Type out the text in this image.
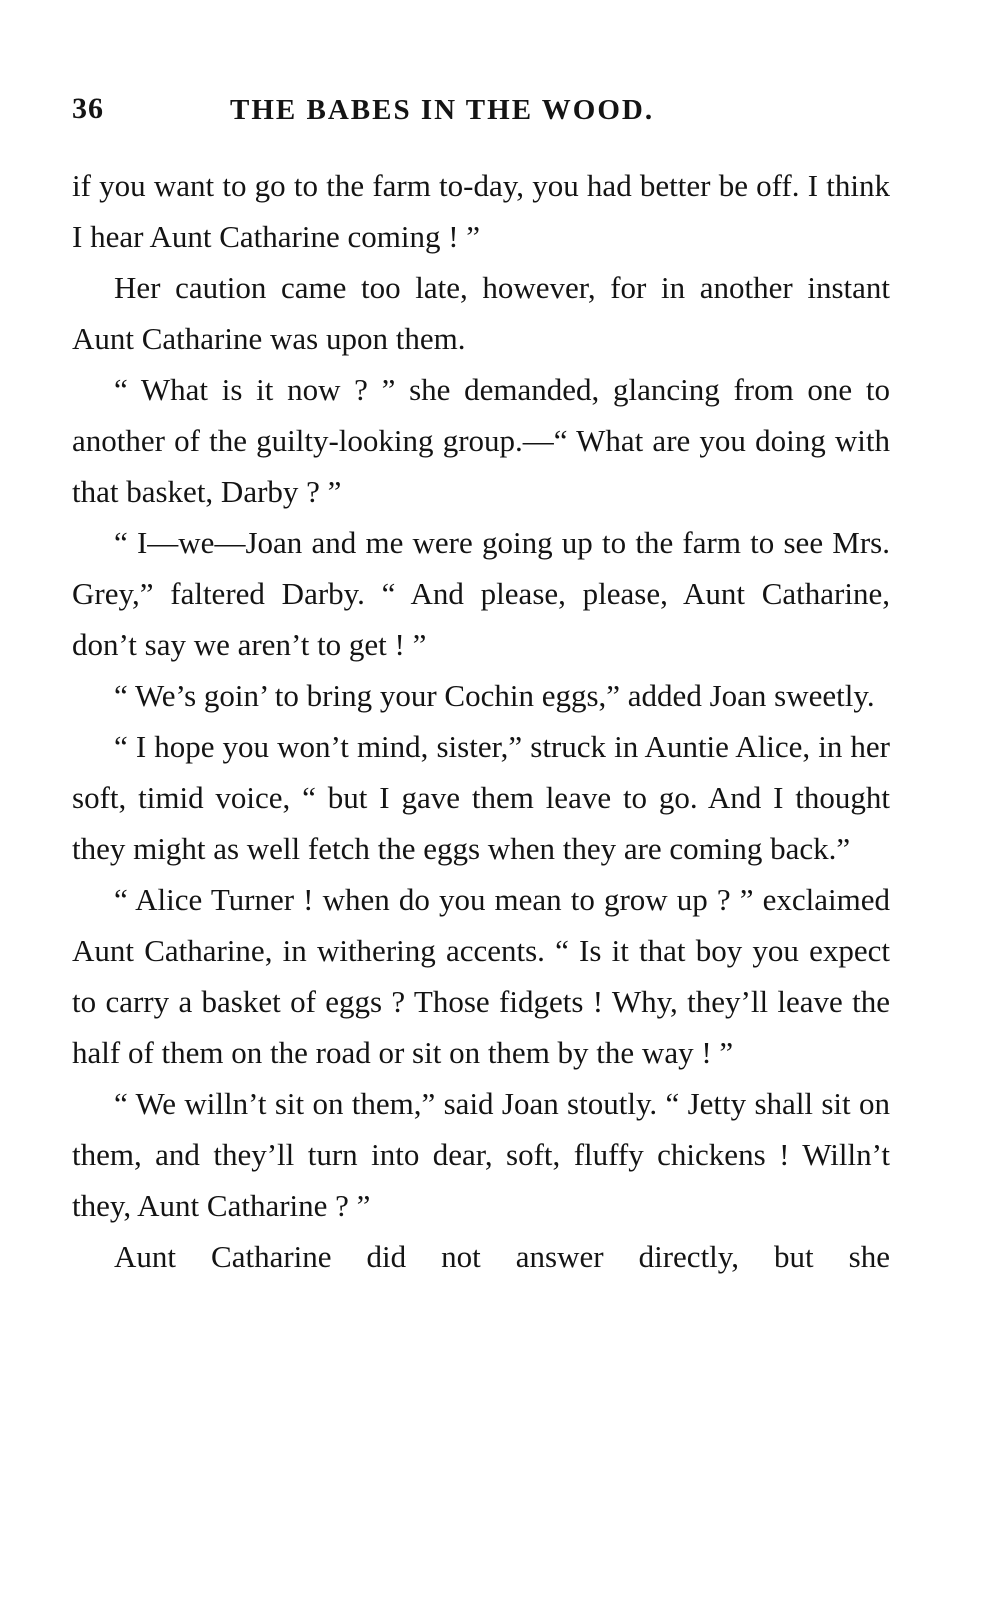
36	THE BABES IN THE WOOD.

if you want to go to the farm to-day, you had better be off. I think I hear Aunt Catharine coming ! ”

Her caution came too late, however, for in another instant Aunt Catharine was upon them.

“ What is it now ? ” she demanded, glancing from one to another of the guilty-looking group.—“ What are you doing with that basket, Darby ? ”

“ I—we—Joan and me were going up to the farm to see Mrs. Grey,” faltered Darby. “ And please, please, Aunt Catharine, don’t say we aren’t to get ! ”

“ We’s goin’ to bring your Cochin eggs,” added Joan sweetly.

“ I hope you won’t mind, sister,” struck in Auntie Alice, in her soft, timid voice, “ but I gave them leave to go. And I thought they might as well fetch the eggs when they are coming back.”

“ Alice Turner ! when do you mean to grow up ? ” exclaimed Aunt Catharine, in withering accents. “ Is it that boy you expect to carry a basket of eggs ? Those fidgets ! Why, they’ll leave the half of them on the road or sit on them by the way ! ”

“ We willn’t sit on them,” said Joan stoutly. “ Jetty shall sit on them, and they’ll turn into dear, soft, fluffy chickens ! Willn’t they, Aunt Catharine ? ”

Aunt Catharine did not answer directly, but she
